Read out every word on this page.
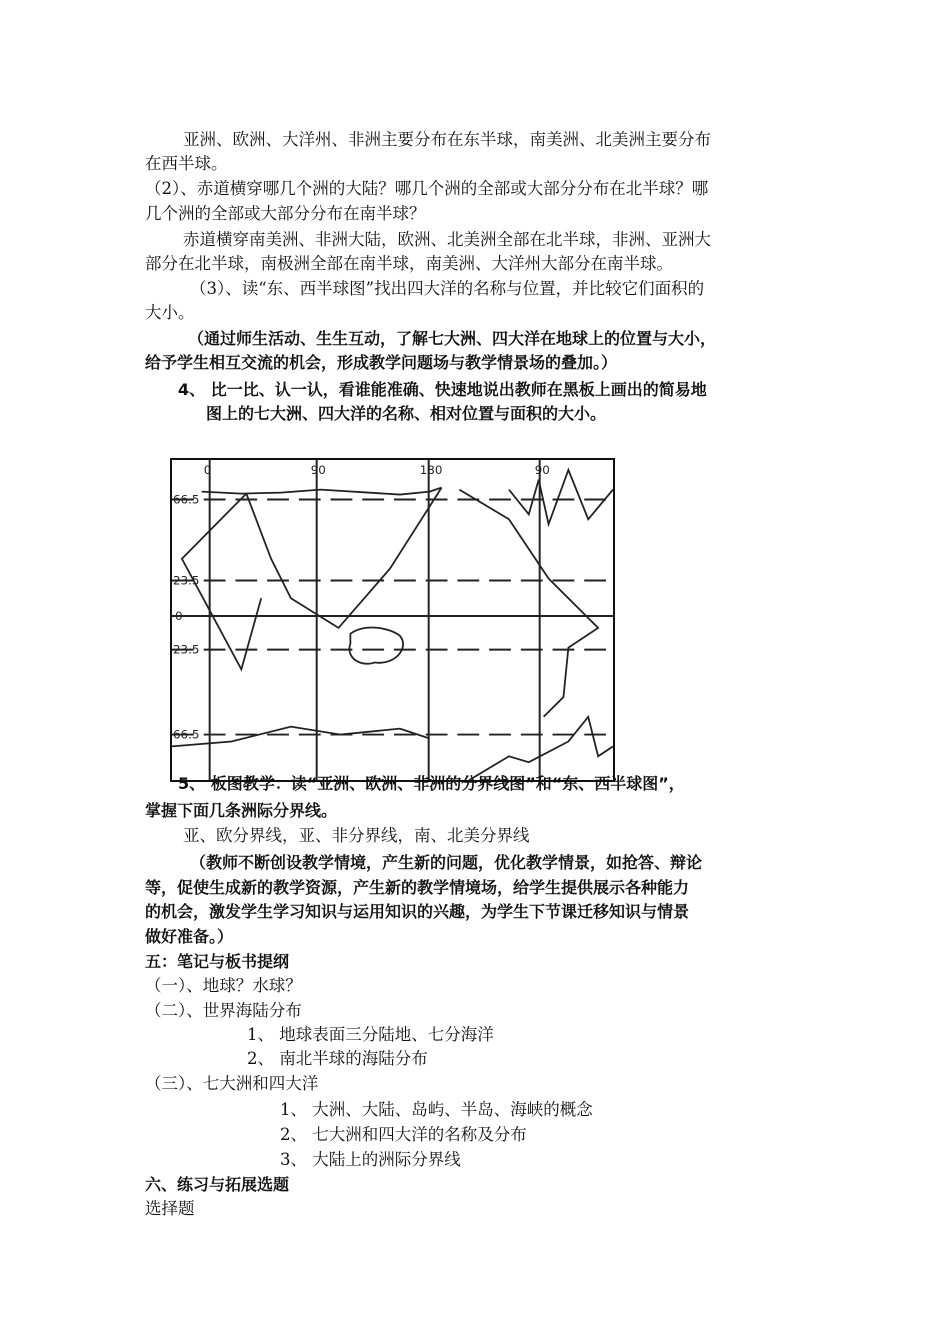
亚洲、欧洲、大洋州、非洲主要分布在东半球，南美洲、北美洲主要分布
在西半球。
（2）、赤道横穿哪几个洲的大陆？哪几个洲的全部或大部分分布在北半球？哪
几个洲的全部或大部分分布在南半球？
赤道横穿南美洲、非洲大陆，欧洲、北美洲全部在北半球，非洲、亚洲大
部分在北半球，南极洲全部在南半球，南美洲、大洋州大部分在南半球。
（3）、读“东、西半球图”找出四大洋的名称与位置，并比较它们面积的
大小。
（通过师生活动、生生互动，了解七大洲、四大洋在地球上的位置与大小，
给予学生相互交流的机会，形成教学问题场与教学情景场的叠加。）
4、 比一比、认一认，看谁能准确、快速地说出教师在黑板上画出的简易地
图上的七大洲、四大洋的名称、相对位置与面积的大小。
0	90	180	90
66.5
23.5
0
23.5
66.5
5、 板图教学：读“亚洲、欧洲、非洲的分界线图”和“东、西半球图”，
掌握下面几条洲际分界线。
亚、欧分界线，亚、非分界线，南、北美分界线
（教师不断创设教学情境，产生新的问题，优化教学情景，如抢答、辩论
等，促使生成新的教学资源，产生新的教学情境场，给学生提供展示各种能力
的机会，激发学生学习知识与运用知识的兴趣，为学生下节课迁移知识与情景
做好准备。）
五：笔记与板书提纲
（一）、地球？水球？
（二）、世界海陆分布
1、 地球表面三分陆地、七分海洋
2、 南北半球的海陆分布
（三）、七大洲和四大洋
1、 大洲、大陆、岛屿、半岛、海峡的概念
2、 七大洲和四大洋的名称及分布
3、 大陆上的洲际分界线
六、练习与拓展选题
选择题
